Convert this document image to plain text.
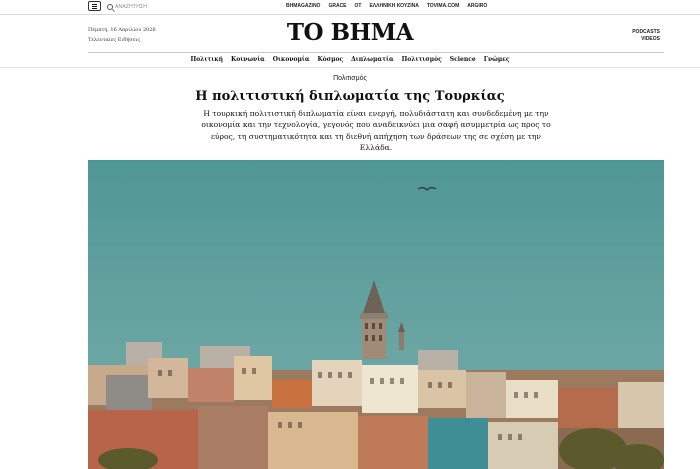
ΑΝΑΖΗΤΗΣΗ	ΒΗΜΑGAZINO GRACE OT ΕΛΛΗΝΙΚΗ ΚΟΥΖΙΝΑ TOVIMA.COM ARGIRO
Πέμπτη, 16 Απριλίου 2026
Τελευταίες Ειδήσεις	ΤΟ ΒΗΜΑ	PODCASTS
VIDEOS
Πολιτική Κοινωνία Οικονομία Κόσμος Διπλωματία Πολιτισμός Science Γνώμες
Πολιτισμός
Η πολιτιστική διπλωματία της Τουρκίας

Η τουρκική πολιτιστική διπλωματία είναι ενεργή, πολυδιάστατη και συνδεδεμένη με την οικονομία και την τεχνολογία, γεγονός που αναδεικνύει μια σαφή ασυμμετρία ως προς το εύρος, τη συστηματικότητα και τη διεθνή απήχηση των δράσεων της σε σχέση με την Ελλάδα.
